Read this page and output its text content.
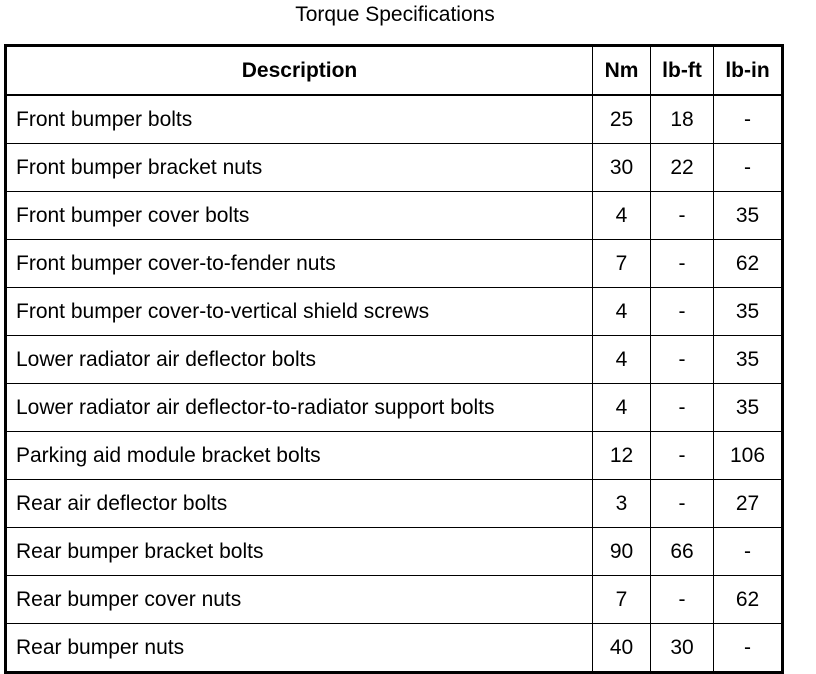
Torque Specifications
Description	Nm	lb-ft	lb-in
Front bumper bolts	25	18	-
Front bumper bracket nuts	30	22	-
Front bumper cover bolts	4	-	35
Front bumper cover-to-fender nuts	7	-	62
Front bumper cover-to-vertical shield screws	4	-	35
Lower radiator air deflector bolts	4	-	35
Lower radiator air deflector-to-radiator support bolts	4	-	35
Parking aid module bracket bolts	12	-	106
Rear air deflector bolts	3	-	27
Rear bumper bracket bolts	90	66	-
Rear bumper cover nuts	7	-	62
Rear bumper nuts	40	30	-
